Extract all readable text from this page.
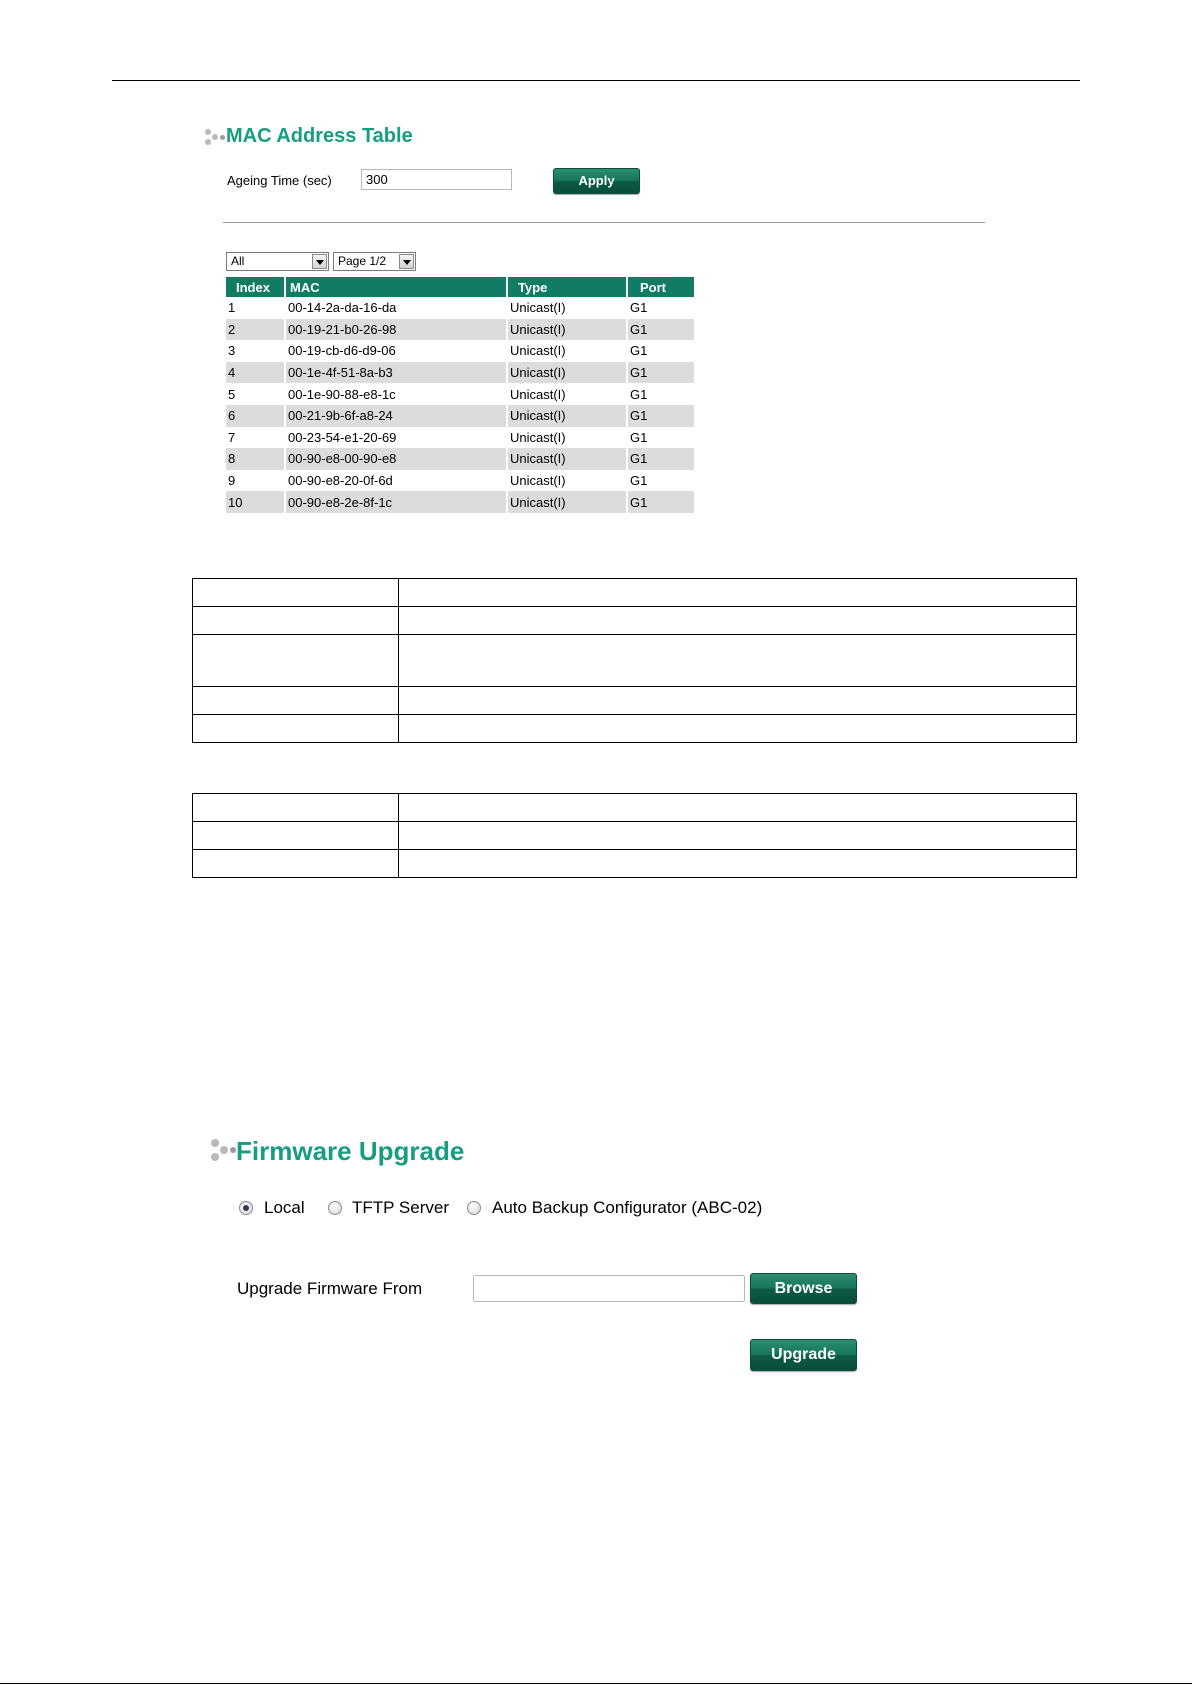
MAC Address Table
Ageing Time (sec)
300	Apply
All	Page 1/2
Index	MAC	Type	Port
1	00-14-2a-da-16-da	Unicast(I)	G1
2	00-19-21-b0-26-98	Unicast(I)	G1
3	00-19-cb-d6-d9-06	Unicast(I)	G1
4	00-1e-4f-51-8a-b3	Unicast(I)	G1
5	00-1e-90-88-e8-1c	Unicast(I)	G1
6	00-21-9b-6f-a8-24	Unicast(I)	G1
7	00-23-54-e1-20-69	Unicast(I)	G1
8	00-90-e8-00-90-e8	Unicast(I)	G1
9	00-90-e8-20-0f-6d	Unicast(I)	G1
10	00-90-e8-2e-8f-1c	Unicast(I)	G1

Firmware Upgrade
Local	TFTP Server	Auto Backup Configurator (ABC-02)
Upgrade Firmware From	Browse
Upgrade
